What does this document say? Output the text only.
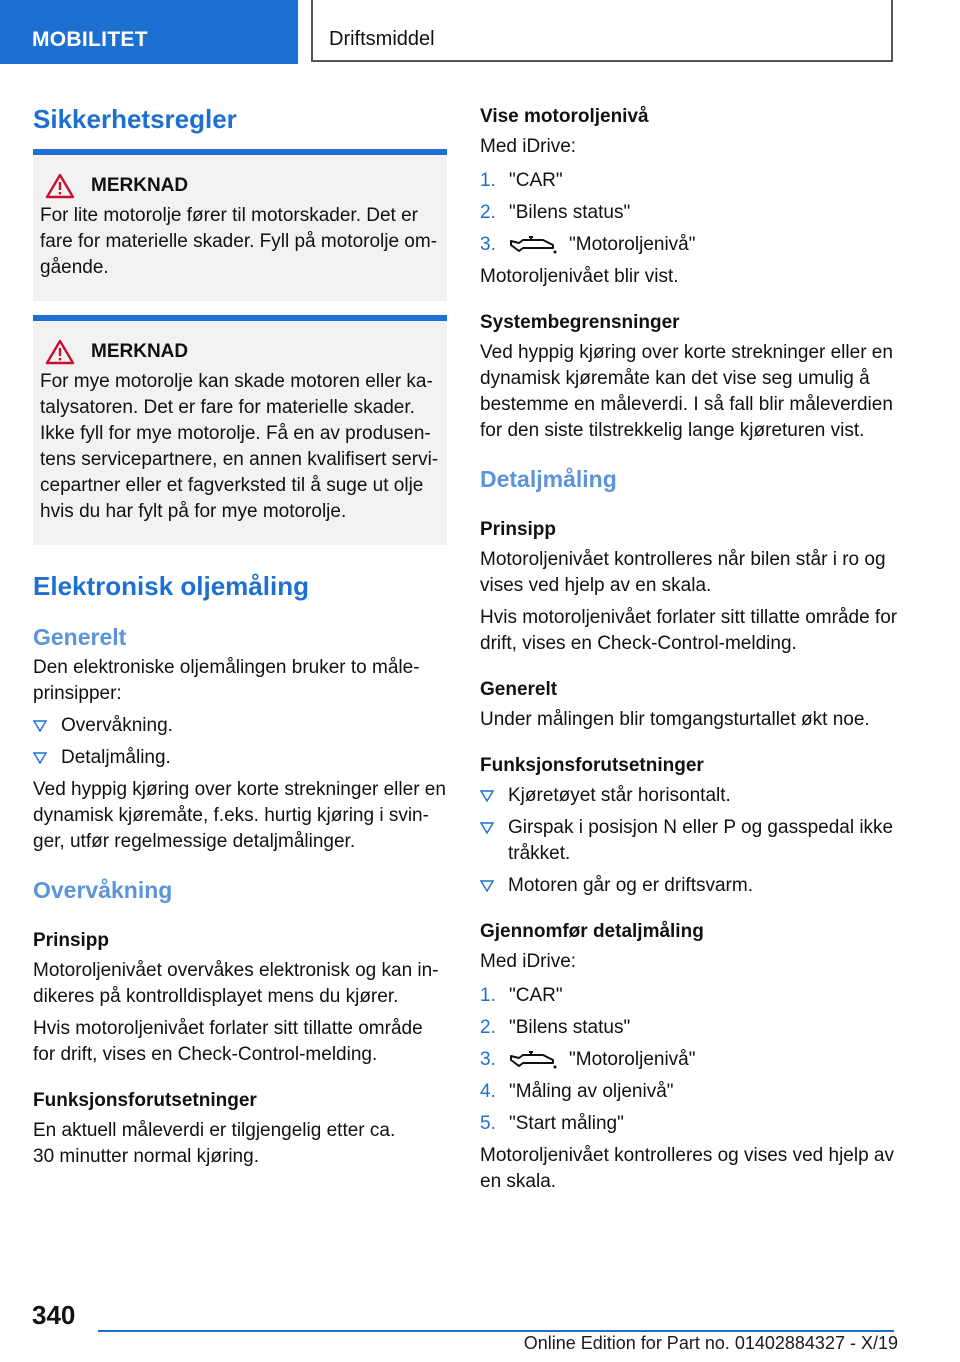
MOBILITET	Driftsmiddel
Sikkerhetsregler
MERKNAD

For lite motorolje fører til motorskader. Det er fare for materielle skader. Fyll på motorolje om-gående.

MERKNAD

For mye motorolje kan skade motoren eller ka-talysatoren. Det er fare for materielle skader. Ikke fyll for mye motorolje. Få en av produsen-tens servicepartnere, en annen kvalifisert servi-cepartner eller et fagverksted til å suge ut olje hvis du har fylt på for mye motorolje.

Elektronisk oljemåling
Generelt

Den elektroniske oljemålingen bruker to måle-prinsipper:

Overvåkning.
Detaljmåling.

Ved hyppig kjøring over korte strekninger eller en dynamisk kjøremåte, f.eks. hurtig kjøring i svin-ger, utfør regelmessige detaljmålinger.

Overvåkning
Prinsipp

Motoroljenivået overvåkes elektronisk og kan in-dikeres på kontrolldisplayet mens du kjører.

Hvis motoroljenivået forlater sitt tillatte område for drift, vises en Check-Control-melding.

Funksjonsforutsetninger

En aktuell måleverdi er tilgjengelig etter ca. 30 minutter normal kjøring.

Vise motoroljenivå

Med iDrive:

1. "CAR"
2. "Bilens status"
3.	"Motoroljenivå"

Motoroljenivået blir vist.

Systembegrensninger

Ved hyppig kjøring over korte strekninger eller en dynamisk kjøremåte kan det vise seg umulig å bestemme en måleverdi. I så fall blir måleverdien for den siste tilstrekkelig lange kjøreturen vist.

Detaljmåling
Prinsipp

Motoroljenivået kontrolleres når bilen står i ro og vises ved hjelp av en skala.

Hvis motoroljenivået forlater sitt tillatte område for drift, vises en Check-Control-melding.

Generelt

Under målingen blir tomgangsturtallet økt noe.

Funksjonsforutsetninger
Kjøretøyet står horisontalt.
Girspak i posisjon N eller P og gasspedal ikke tråkket.
Motoren går og er driftsvarm.
Gjennomfør detaljmåling

Med iDrive:

1. "CAR"
2. "Bilens status"
3.	"Motoroljenivå"
4. "Måling av oljenivå"
5. "Start måling"

Motoroljenivået kontrolleres og vises ved hjelp av en skala.

340
Online Edition for Part no. 01402884327 - X/19
